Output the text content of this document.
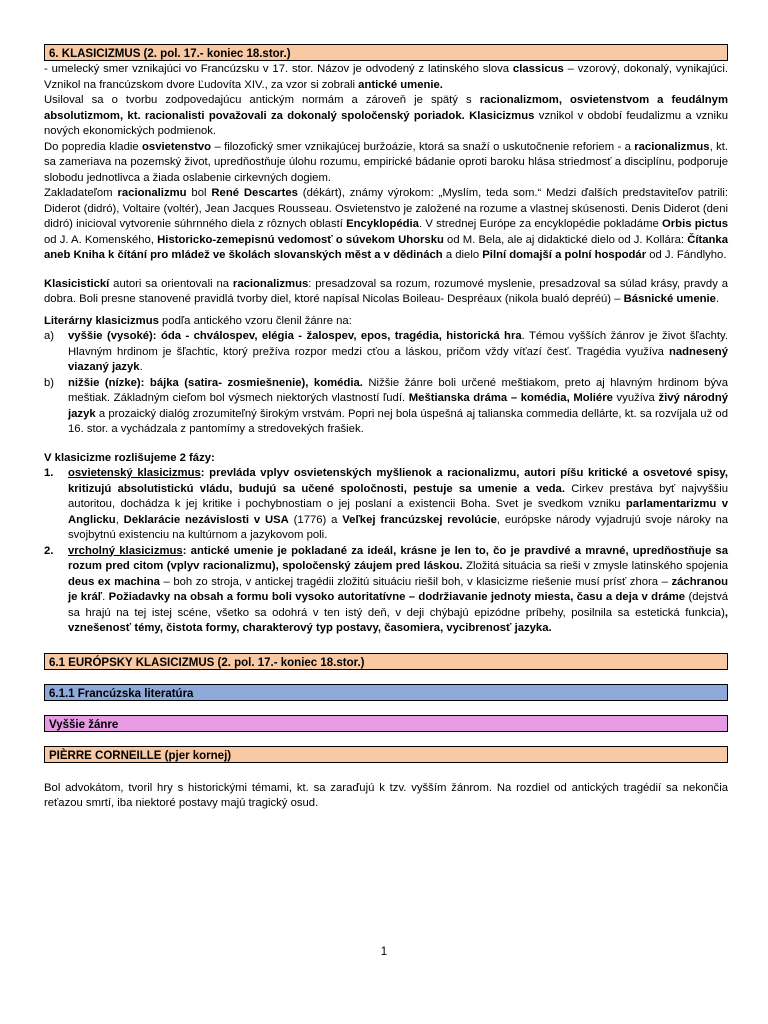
6. KLASICIZMUS (2. pol. 17.- koniec 18.stor.)

- umelecký smer vznikajúci vo Francúzsku v 17. stor. Názov je odvodený z latinského slova classicus – vzorový, dokonalý, vynikajúci. Vznikol na francúzskom dvore Ľudovíta XIV., za vzor si zobrali antické umenie.

Usiloval sa o tvorbu zodpovedajúcu antickým normám a zároveň je spätý s racionalizmom, osvietenstvom a feudálnym absolutizmom, kt. racionalisti považovali za dokonalý spoločenský poriadok. Klasicizmus vznikol v období feudalizmu a vzniku nových ekonomických podmienok.

Do popredia kladie osvietenstvo – filozofický smer vznikajúcej buržoázie, ktorá sa snaží o uskutočnenie reforiem - a racionalizmus, kt. sa zameriava na pozemský život, upredňostňuje úlohu rozumu, empirické bádanie oproti baroku hlása striedmosť a disciplínu, podporuje slobodu jednotlivca a žiada oslabenie cirkevných dogiem.

Zakladateľom racionalizmu bol René Descartes (dékárt), známy výrokom: „Myslím, teda som.“ Medzi ďalších predstaviteľov patrili: Diderot (didró), Voltaire (voltér), Jean Jacques Rousseau. Osvietenstvo je založené na rozume a vlastnej skúsenosti. Denis Diderot (deni didró) inicioval vytvorenie súhrnného diela z rôznych oblastí Encyklopédia. V strednej Európe za encyklopédie pokladáme Orbis pictus od J. A. Komenského, Historicko-zemepisnú vedomosť o súvekom Uhorsku od M. Bela, ale aj didaktické dielo od J. Kollára: Čítanka aneb Kniha k čítání pro mládež ve školách slovanských měst a v dědinách a dielo Pilní domajší a polní hospodár od J. Fándlyho.

Klasicistickí autori sa orientovali na racionalizmus: presadzoval sa rozum, rozumové myslenie, presadzoval sa súlad krásy, pravdy a dobra. Boli presne stanovené pravidlá tvorby diel, ktoré napísal Nicolas Boileau- Despréaux (nikola bualó depréú) – Básnické umenie.

Literárny klasicizmus podľa antického vzoru členil žánre na:

a)	vyššie (vysoké): óda - chválospev, elégia - žalospev, epos, tragédia, historická hra. Témou vyšších žánrov je život šľachty. Hlavným hrdinom je šľachtic, ktorý prežíva rozpor medzi cťou a láskou, pričom vždy víťazí česť. Tragédia využíva nadnesený viazaný jazyk.

b)	nižšie (nízke): bájka (satira- zosmiešnenie), komédia. Nižšie žánre boli určené meštiakom, preto aj hlavným hrdinom býva meštiak. Základným cieľom bol výsmech niektorých vlastností ľudí. Meštianska dráma – komédia, Moliére využíva živý národný jazyk a prozaický dialóg zrozumiteľný širokým vrstvám. Popri nej bola úspešná aj talianska commedia dellárte, kt. sa rozvíjala už od 16. stor. a vychádzala z pantomímy a stredovekých frašiek.

V klasicizme rozlišujeme 2 fázy:

1.	osvietenský klasicizmus: prevláda vplyv osvietenských myšlienok a racionalizmu, autori píšu kritické a osvetové spisy, kritizujú absolutistickú vládu, budujú sa učené spoločnosti, pestuje sa umenie a veda. Cirkev prestáva byť najvyššiu autoritou, dochádza k jej kritike i pochybnostiam o jej poslaní a existencii Boha. Svet je svedkom vzniku parlamentarizmu v Anglicku, Deklarácie nezávislosti v USA (1776) a Veľkej francúzskej revolúcie, európske národy vyjadrujú svoje nároky na svojbytnú existenciu na kultúrnom a jazykovom poli.

2.	vrcholný klasicizmus: antické umenie je pokladané za ideál, krásne je len to, čo je pravdivé a mravné, upredňostňuje sa rozum pred citom (vplyv racionalizmu), spoločenský záujem pred láskou. Zložitá situácia sa rieši v zmysle latinského spojenia deus ex machina – boh zo stroja, v antickej tragédii zložitú situáciu riešil boh, v klasicizme riešenie musí prísť zhora – záchranou je kráľ. Požiadavky na obsah a formu boli vysoko autoritatívne – dodržiavanie jednoty miesta, času a deja v dráme (dejstvá sa hrajú na tej istej scéne, všetko sa odohrá v ten istý deň, v deji chýbajú epizódne príbehy, posilnila sa estetická funkcia), vznešenosť témy, čistota formy, charakterový typ postavy, časomiera, vycibrenosť jazyka.

6.1 EURÓPSKY KLASICIZMUS (2. pol. 17.- koniec 18.stor.)
6.1.1 Francúzska literatúra
Vyššie žánre
PIÈRRE CORNEILLE (pjer kornej)

Bol advokátom, tvoril hry s historickými témami, kt. sa zaraďujú k tzv. vyšším žánrom. Na rozdiel od antických tragédií sa nekončia reťazou smrtí, iba niektoré postavy majú tragický osud.

1
